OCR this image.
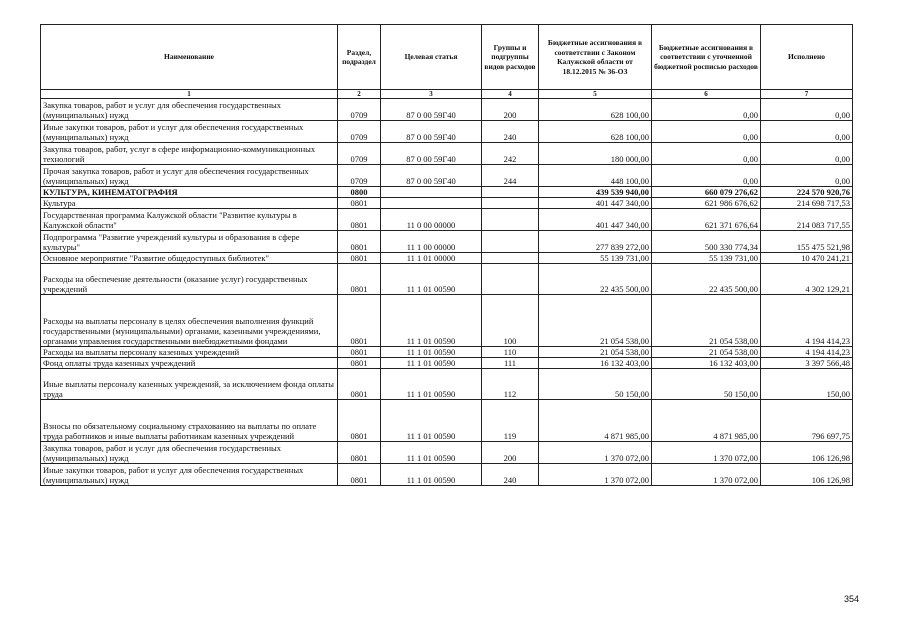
Наименование	Раздел, подраздел	Целевая статья	Группы и подгруппы видов расходов	Бюджетные ассигнования в соответствии с Законом Калужской области от 18.12.2015 № 36-ОЗ	Бюджетные ассигнования в соответствии с уточненной бюджетной росписью расходов	Исполнено
1	2	3	4	5	6	7
Закупка товаров, работ и услуг для обеспечения государственных (муниципальных) нужд	0709	87 0 00 59Г40	200	628 100,00	0,00	0,00
Иные закупки товаров, работ и услуг для обеспечения государственных (муниципальных) нужд	0709	87 0 00 59Г40	240	628 100,00	0,00	0,00
Закупка товаров, работ, услуг в сфере информационно-коммуникационных технологий	0709	87 0 00 59Г40	242	180 000,00	0,00	0,00
Прочая закупка товаров, работ и услуг для обеспечения государственных (муниципальных) нужд	0709	87 0 00 59Г40	244	448 100,00	0,00	0,00
КУЛЬТУРА, КИНЕМАТОГРАФИЯ	0800			439 539 940,00	660 079 276,62	224 570 920,76
Культура	0801			401 447 340,00	621 986 676,62	214 698 717,53
Государственная программа Калужской области "Развитие культуры в Калужской области"	0801	11 0 00 00000		401 447 340,00	621 371 676,64	214 083 717,55
Подпрограмма "Развитие учреждений культуры и образования в сфере культуры"	0801	11 1 00 00000		277 839 272,00	500 330 774,34	155 475 521,98
Основное мероприятие "Развитие общедоступных библиотек"	0801	11 1 01 00000		55 139 731,00	55 139 731,00	10 470 241,21
Расходы на обеспечение деятельности (оказание услуг) государственных учреждений	0801	11 1 01 00590		22 435 500,00	22 435 500,00	4 302 129,21
Расходы на выплаты персоналу в целях обеспечения выполнения функций государственными (муниципальными) органами, казенными учреждениями, органами управления государственными внебюджетными фондами	0801	11 1 01 00590	100	21 054 538,00	21 054 538,00	4 194 414,23
Расходы на выплаты персоналу казенных учреждений	0801	11 1 01 00590	110	21 054 538,00	21 054 538,00	4 194 414,23
Фонд оплаты труда казенных учреждений	0801	11 1 01 00590	111	16 132 403,00	16 132 403,00	3 397 566,48
Иные выплаты персоналу казенных учреждений, за исключением фонда оплаты труда	0801	11 1 01 00590	112	50 150,00	50 150,00	150,00
Взносы по обязательному социальному страхованию на выплаты по оплате труда работников и иные выплаты работникам казенных учреждений	0801	11 1 01 00590	119	4 871 985,00	4 871 985,00	796 697,75
Закупка товаров, работ и услуг для обеспечения государственных (муниципальных) нужд	0801	11 1 01 00590	200	1 370 072,00	1 370 072,00	106 126,98
Иные закупки товаров, работ и услуг для обеспечения государственных (муниципальных) нужд	0801	11 1 01 00590	240	1 370 072,00	1 370 072,00	106 126,98
354
